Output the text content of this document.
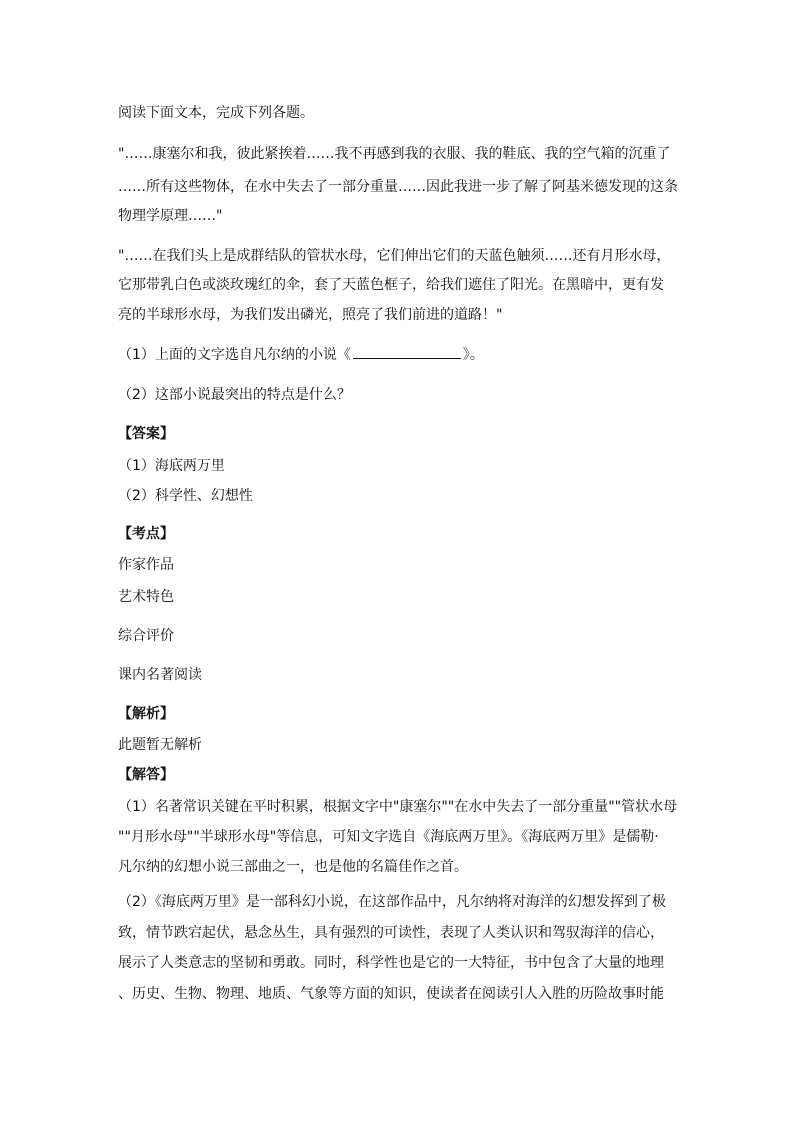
阅读下面文本，完成下列各题。
"……康塞尔和我，彼此紧挨着……我不再感到我的衣服、我的鞋底、我的空气箱的沉重了
……所有这些物体，在水中失去了一部分重量……因此我进一步了解了阿基米德发现的这条
物理学原理……"
"……在我们头上是成群结队的管状水母，它们伸出它们的天蓝色触须……还有月形水母，
它那带乳白色或淡玫瑰红的伞，套了天蓝色框子，给我们遮住了阳光。在黑暗中，更有发
亮的半球形水母，为我们发出磷光，照亮了我们前进的道路！"
（1）上面的文字选自凡尔纳的小说《	》。
（2）这部小说最突出的特点是什么？
【答案】
（1）海底两万里
（2）科学性、幻想性
【考点】
作家作品
艺术特色
综合评价
课内名著阅读
【解析】
此题暂无解析
【解答】
（1）名著常识关键在平时积累，根据文字中"康塞尔""在水中失去了一部分重量""管状水母
""月形水母""半球形水母"等信息，可知文字选自《海底两万里》。《海底两万里》是儒勒·
凡尔纳的幻想小说三部曲之一，也是他的名篇佳作之首。
（2）《海底两万里》是一部科幻小说，在这部作品中，凡尔纳将对海洋的幻想发挥到了极
致，情节跌宕起伏，悬念丛生，具有强烈的可读性，表现了人类认识和驾驭海洋的信心，
展示了人类意志的坚韧和勇敢。同时，科学性也是它的一大特征，书中包含了大量的地理
、历史、生物、物理、地质、气象等方面的知识，使读者在阅读引人入胜的历险故事时能
